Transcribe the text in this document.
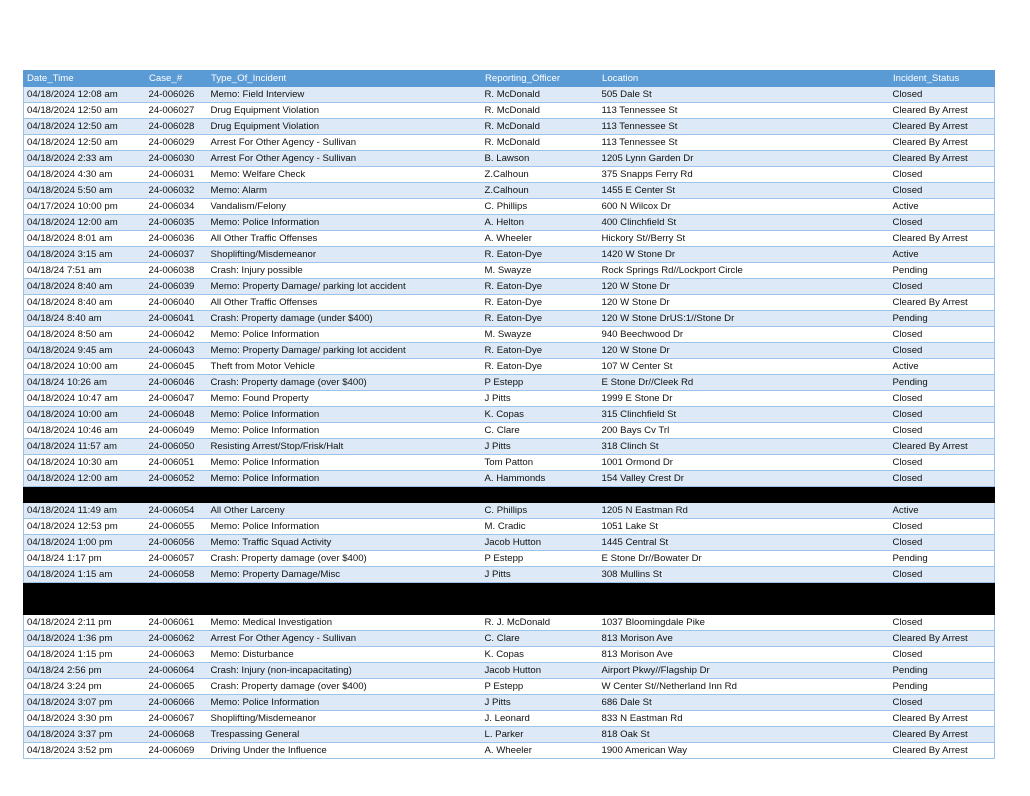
Date_Time	Case_#	Type_Of_Incident	Reporting_Officer	Location	Incident_Status
04/18/2024 12:08 am	24-006026	Memo: Field Interview	R. McDonald	505 Dale St	Closed
04/18/2024 12:50 am	24-006027	Drug Equipment Violation	R. McDonald	113 Tennessee St	Cleared By Arrest
04/18/2024 12:50 am	24-006028	Drug Equipment Violation	R. McDonald	113 Tennessee St	Cleared By Arrest
04/18/2024 12:50 am	24-006029	Arrest For Other Agency - Sullivan	R. McDonald	113 Tennessee St	Cleared By Arrest
04/18/2024 2:33 am	24-006030	Arrest For Other Agency - Sullivan	B. Lawson	1205 Lynn Garden Dr	Cleared By Arrest
04/18/2024 4:30 am	24-006031	Memo: Welfare Check	Z.Calhoun	375 Snapps Ferry Rd	Closed
04/18/2024 5:50 am	24-006032	Memo: Alarm	Z.Calhoun	1455 E Center St	Closed
04/17/2024 10:00 pm	24-006034	Vandalism/Felony	C. Phillips	600 N Wilcox Dr	Active
04/18/2024 12:00 am	24-006035	Memo: Police Information	A. Helton	400 Clinchfield St	Closed
04/18/2024 8:01 am	24-006036	All Other Traffic Offenses	A. Wheeler	Hickory St//Berry St	Cleared By Arrest
04/18/2024 3:15 am	24-006037	Shoplifting/Misdemeanor	R. Eaton-Dye	1420 W Stone Dr	Active
04/18/24 7:51 am	24-006038	Crash: Injury possible	M. Swayze	Rock Springs Rd//Lockport Circle	Pending
04/18/2024 8:40 am	24-006039	Memo: Property Damage/ parking lot accident	R. Eaton-Dye	120 W Stone Dr	Closed
04/18/2024 8:40 am	24-006040	All Other Traffic Offenses	R. Eaton-Dye	120 W Stone Dr	Cleared By Arrest
04/18/24 8:40 am	24-006041	Crash: Property damage (under $400)	R. Eaton-Dye	120 W Stone DrUS:1//Stone Dr	Pending
04/18/2024 8:50 am	24-006042	Memo: Police Information	M. Swayze	940 Beechwood Dr	Closed
04/18/2024 9:45 am	24-006043	Memo: Property Damage/ parking lot accident	R. Eaton-Dye	120 W Stone Dr	Closed
04/18/2024 10:00 am	24-006045	Theft from Motor Vehicle	R. Eaton-Dye	107 W Center St	Active
04/18/24 10:26 am	24-006046	Crash: Property damage (over $400)	P Estepp	E Stone Dr//Cleek Rd	Pending
04/18/2024 10:47 am	24-006047	Memo: Found Property	J Pitts	1999 E Stone Dr	Closed
04/18/2024 10:00 am	24-006048	Memo: Police Information	K. Copas	315 Clinchfield St	Closed
04/18/2024 10:46 am	24-006049	Memo: Police Information	C. Clare	200 Bays Cv Trl	Closed
04/18/2024 11:57 am	24-006050	Resisting Arrest/Stop/Frisk/Halt	J Pitts	318 Clinch St	Cleared By Arrest
04/18/2024 10:30 am	24-006051	Memo: Police Information	Tom Patton	1001 Ormond Dr	Closed
04/18/2024 12:00 am	24-006052	Memo: Police Information	A. Hammonds	154 Valley Crest Dr	Closed

04/18/2024 11:49 am	24-006054	All Other Larceny	C. Phillips	1205 N Eastman Rd	Active
04/18/2024 12:53 pm	24-006055	Memo: Police Information	M. Cradic	1051 Lake St	Closed
04/18/2024 1:00 pm	24-006056	Memo: Traffic Squad Activity	Jacob Hutton	1445 Central St	Closed
04/18/24 1:17 pm	24-006057	Crash: Property damage (over $400)	P Estepp	E Stone Dr//Bowater Dr	Pending
04/18/2024 1:15 am	24-006058	Memo: Property Damage/Misc	J Pitts	308 Mullins St	Closed

04/18/2024 2:11 pm	24-006061	Memo: Medical Investigation	R. J. McDonald	1037 Bloomingdale Pike	Closed
04/18/2024 1:36 pm	24-006062	Arrest For Other Agency - Sullivan	C. Clare	813 Morison Ave	Cleared By Arrest
04/18/2024 1:15 pm	24-006063	Memo: Disturbance	K. Copas	813 Morison Ave	Closed
04/18/24 2:56 pm	24-006064	Crash: Injury (non-incapacitating)	Jacob Hutton	Airport Pkwy//Flagship Dr	Pending
04/18/24 3:24 pm	24-006065	Crash: Property damage (over $400)	P Estepp	W Center St//Netherland Inn Rd	Pending
04/18/2024 3:07 pm	24-006066	Memo: Police Information	J Pitts	686 Dale St	Closed
04/18/2024 3:30 pm	24-006067	Shoplifting/Misdemeanor	J. Leonard	833 N Eastman Rd	Cleared By Arrest
04/18/2024 3:37 pm	24-006068	Trespassing General	L. Parker	818 Oak St	Cleared By Arrest
04/18/2024 3:52 pm	24-006069	Driving Under the Influence	A. Wheeler	1900 American Way	Cleared By Arrest
